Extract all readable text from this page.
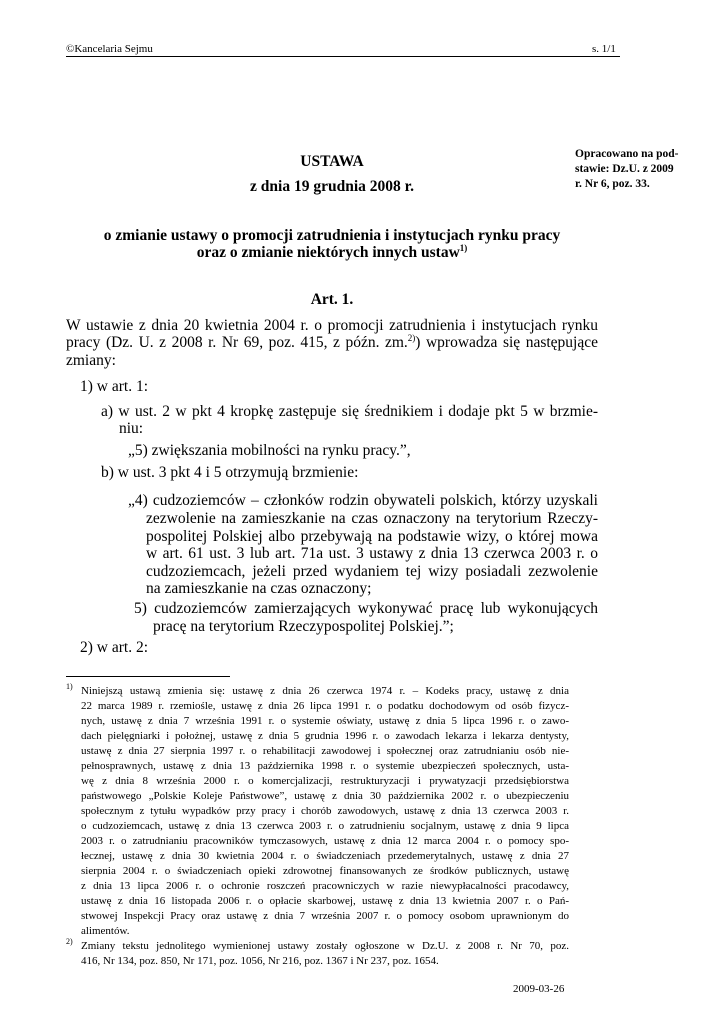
©Kancelaria Sejmu	s. 1/1
Opracowano na pod-
stawie: Dz.U. z 2009
r. Nr 6, poz. 33.
USTAWA
z dnia 19 grudnia 2008 r.
o zmianie ustawy o promocji zatrudnienia i instytucjach rynku pracy
oraz o zmianie niektórych innych ustaw$^{1)}$
Art. 1.
W ustawie z dnia 20 kwietnia 2004 r. o promocji zatrudnienia i instytucjach rynku
pracy (Dz. U. z 2008 r. Nr 69, poz. 415, z późn. zm.$^{2)}$) wprowadza się następujące
zmiany:
1) w art. 1:
a) w ust. 2 w pkt 4 kropkę zastępuje się średnikiem i dodaje pkt 5 w brzmie-
niu:
„5) zwiększania mobilności na rynku pracy.”,
b) w ust. 3 pkt 4 i 5 otrzymują brzmienie:
„4) cudzoziemców – członków rodzin obywateli polskich, którzy uzyskali
zezwolenie na zamieszkanie na czas oznaczony na terytorium Rzeczy-
pospolitej Polskiej albo przebywają na podstawie wizy, o której mowa
w art. 61 ust. 3 lub art. 71a ust. 3 ustawy z dnia 13 czerwca 2003 r. o
cudzoziemcach, jeżeli przed wydaniem tej wizy posiadali zezwolenie
na zamieszkanie na czas oznaczony;
5) cudzoziemców zamierzających wykonywać pracę lub wykonujących
pracę na terytorium Rzeczypospolitej Polskiej.”;
2) w art. 2:
$^{1)}$ Niniejszą ustawą zmienia się: ustawę z dnia 26 czerwca 1974 r. – Kodeks pracy, ustawę z dnia
22 marca 1989 r. rzemiośle, ustawę z dnia 26 lipca 1991 r. o podatku dochodowym od osób fizycz-
nych, ustawę z dnia 7 września 1991 r. o systemie oświaty, ustawę z dnia 5 lipca 1996 r. o zawo-
dach pielęgniarki i położnej, ustawę z dnia 5 grudnia 1996 r. o zawodach lekarza i lekarza dentysty,
ustawę z dnia 27 sierpnia 1997 r. o rehabilitacji zawodowej i społecznej oraz zatrudnianiu osób nie-
pełnosprawnych, ustawę z dnia 13 października 1998 r. o systemie ubezpieczeń społecznych, usta-
wę z dnia 8 września 2000 r. o komercjalizacji, restrukturyzacji i prywatyzacji przedsiębiorstwa
państwowego „Polskie Koleje Państwowe”, ustawę z dnia 30 października 2002 r. o ubezpieczeniu
społecznym z tytułu wypadków przy pracy i chorób zawodowych, ustawę z dnia 13 czerwca 2003 r.
o cudzoziemcach, ustawę z dnia 13 czerwca 2003 r. o zatrudnieniu socjalnym, ustawę z dnia 9 lipca
2003 r. o zatrudnianiu pracowników tymczasowych, ustawę z dnia 12 marca 2004 r. o pomocy spo-
łecznej, ustawę z dnia 30 kwietnia 2004 r. o świadczeniach przedemerytalnych, ustawę z dnia 27
sierpnia 2004 r. o świadczeniach opieki zdrowotnej finansowanych ze środków publicznych, ustawę
z dnia 13 lipca 2006 r. o ochronie roszczeń pracowniczych w razie niewypłacalności pracodawcy,
ustawę z dnia 16 listopada 2006 r. o opłacie skarbowej, ustawę z dnia 13 kwietnia 2007 r. o Pań-
stwowej Inspekcji Pracy oraz ustawę z dnia 7 września 2007 r. o pomocy osobom uprawnionym do
alimentów.
$^{2)}$ Zmiany tekstu jednolitego wymienionej ustawy zostały ogłoszone w Dz.U. z 2008 r. Nr 70, poz.
416, Nr 134, poz. 850, Nr 171, poz. 1056, Nr 216, poz. 1367 i Nr 237, poz. 1654.
2009-03-26
